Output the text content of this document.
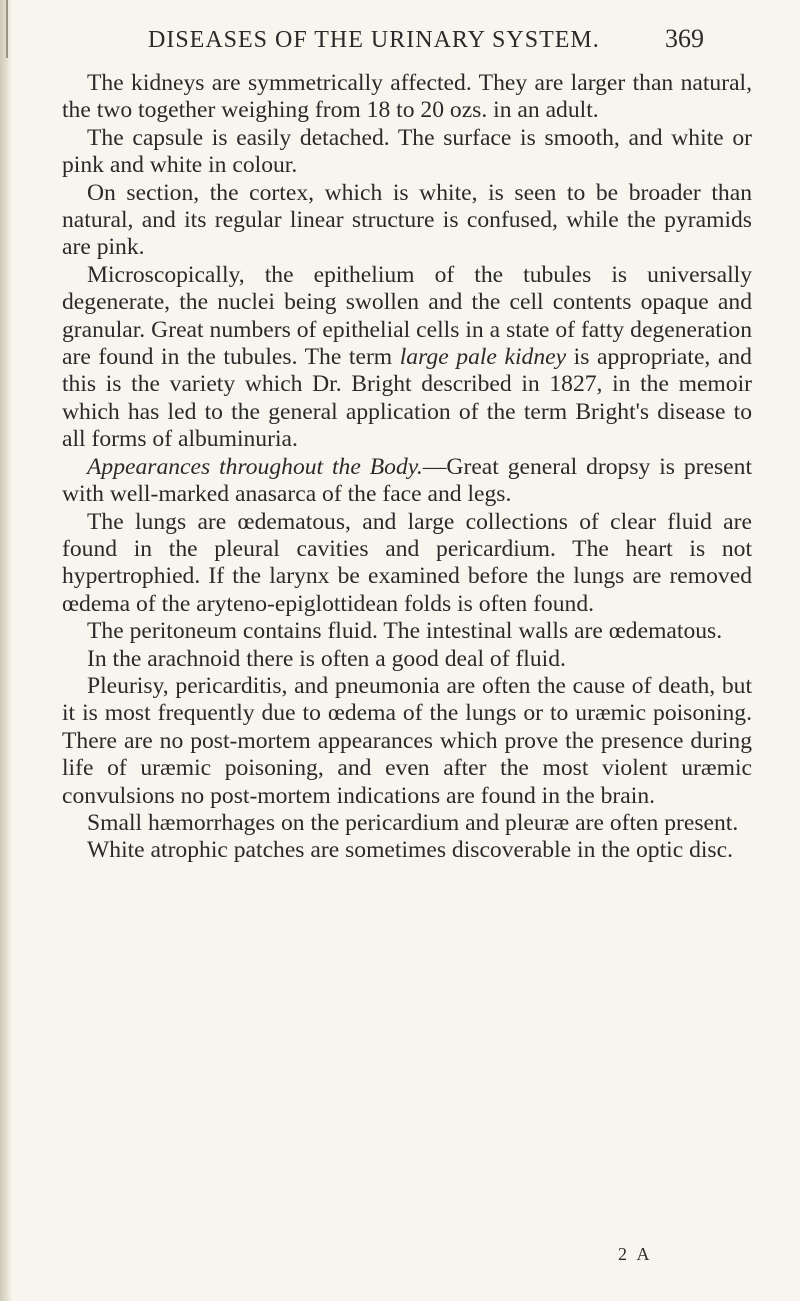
DISEASES OF THE URINARY SYSTEM.	369

The kidneys are symmetrically affected. They are larger than natural, the two together weighing from 18 to 20 ozs. in an adult.

The capsule is easily detached. The surface is smooth, and white or pink and white in colour.

On section, the cortex, which is white, is seen to be broader than natural, and its regular linear structure is confused, while the pyramids are pink.

Microscopically, the epithelium of the tubules is universally degenerate, the nuclei being swollen and the cell contents opaque and granular. Great numbers of epithelial cells in a state of fatty degeneration are found in the tubules. The term large pale kidney is appropriate, and this is the variety which Dr. Bright described in 1827, in the memoir which has led to the general application of the term Bright's disease to all forms of albuminuria.

Appearances throughout the Body.—Great general dropsy is present with well-marked anasarca of the face and legs.

The lungs are œdematous, and large collections of clear fluid are found in the pleural cavities and pericardium. The heart is not hypertrophied. If the larynx be examined before the lungs are removed œdema of the aryteno-epiglottidean folds is often found.

The peritoneum contains fluid. The intestinal walls are œdematous.

In the arachnoid there is often a good deal of fluid.

Pleurisy, pericarditis, and pneumonia are often the cause of death, but it is most frequently due to œdema of the lungs or to uræmic poisoning. There are no post-mortem appearances which prove the presence during life of uræmic poisoning, and even after the most violent uræmic convulsions no post-mortem indications are found in the brain.

Small hæmorrhages on the pericardium and pleuræ are often present.

White atrophic patches are sometimes discoverable in the optic disc.

2 A
